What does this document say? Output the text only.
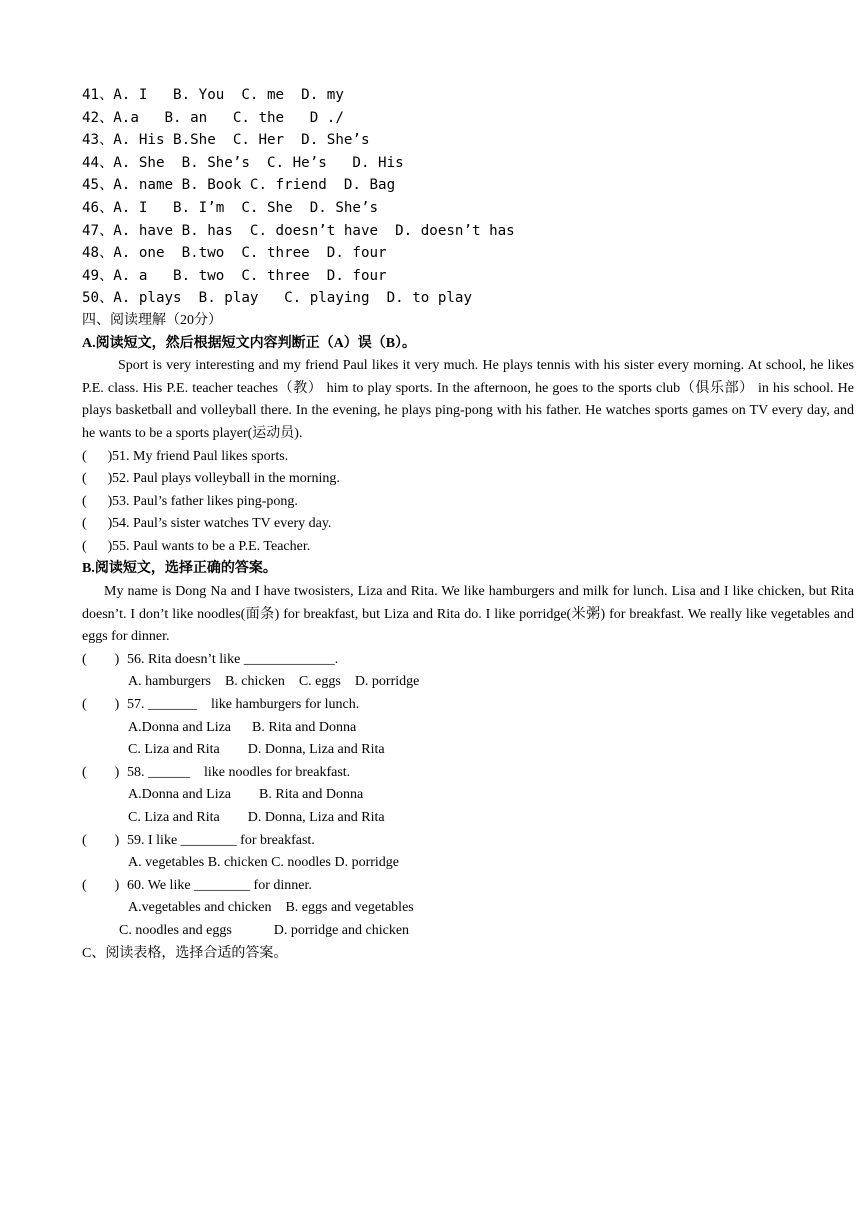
41、A. I   B. You  C. me  D. my
42、A.a   B. an   C. the   D ./
43、A. His B.She  C. Her  D. She’s
44、A. She  B. She’s  C. He’s   D. His
45、A. name B. Book C. friend  D. Bag
46、A. I   B. I’m  C. She  D. She’s
47、A. have B. has  C. doesn’t have  D. doesn’t has
48、A. one  B.two  C. three  D. four
49、A. a   B. two  C. three  D. four
50、A. plays  B. play   C. playing  D. to play
四、阅读理解（20分）
A.阅读短文，然后根据短文内容判断正（A）误（B）。
Sport is very interesting and my friend Paul likes it very much. He plays tennis with his sister every morning. At school, he likes P.E. class. His P.E. teacher teaches（教） him to play sports. In the afternoon, he goes to the sports club（俱乐部） in his school. He plays basketball and volleyball there. In the evening, he plays ping-pong with his father. He watches sports games on TV every day, and he wants to be a sports player(运动员).
(      )51. My friend Paul likes sports.
(      )52. Paul plays volleyball in the morning.
(      )53. Paul’s father likes ping-pong.
(      )54. Paul’s sister watches TV every day.
(      )55. Paul wants to be a P.E. Teacher.
B.阅读短文，选择正确的答案。
My name is Dong Na and I have twosisters, Liza and Rita. We like hamburgers and milk for lunch. Lisa and I like chicken, but Rita doesn’t. I don’t like noodles(面条) for breakfast, but Liza and Rita do. I like porridge(米粥) for breakfast. We really like vegetables and eggs for dinner.
(        ) 56. Rita doesn’t like _____________.
A. hamburgers    B. chicken    C. eggs    D. porridge
(        ) 57. _______    like hamburgers for lunch.
A.Donna and Liza      B. Rita and Donna
C. Liza and Rita        D. Donna, Liza and Rita
(        ) 58. ______    like noodles for breakfast.
A.Donna and Liza        B. Rita and Donna
C. Liza and Rita        D. Donna, Liza and Rita
(        ) 59. I like ________ for breakfast.
A. vegetables B. chicken C. noodles D. porridge
(        ) 60. We like ________ for dinner.
A.vegetables and chicken    B. eggs and vegetables
C. noodles and eggs            D. porridge and chicken
C、阅读表格，选择合适的答案。
